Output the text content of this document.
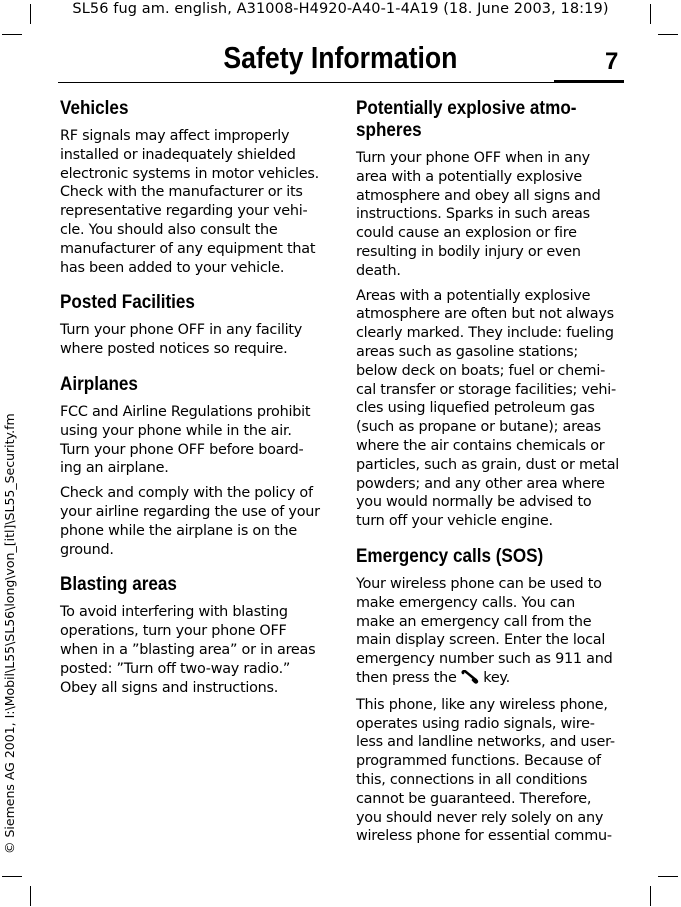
SL56 fug am. english, A31008-H4920-A40-1-4A19 (18. June 2003, 18:19)
Safety Information	7
© Siemens AG 2001, I:\Mobil\L55\SL56\long\von_[itl]\SL55_Security.fm
Vehicles

RF signals may affect improperly
installed or inadequately shielded
electronic systems in motor vehicles.
Check with the manufacturer or its
representative regarding your vehi-
cle. You should also consult the
manufacturer of any equipment that
has been added to your vehicle.

Posted Facilities

Turn your phone OFF in any facility
where posted notices so require.

Airplanes

FCC and Airline Regulations prohibit
using your phone while in the air.
Turn your phone OFF before board-
ing an airplane.

Check and comply with the policy of
your airline regarding the use of your
phone while the airplane is on the
ground.

Blasting areas

To avoid interfering with blasting
operations, turn your phone OFF
when in a ”blasting area” or in areas
posted: ”Turn off two-way radio.”
Obey all signs and instructions.

Potentially explosive atmo-
spheres

Turn your phone OFF when in any
area with a potentially explosive
atmosphere and obey all signs and
instructions. Sparks in such areas
could cause an explosion or fire
resulting in bodily injury or even
death.

Areas with a potentially explosive
atmosphere are often but not always
clearly marked. They include: fueling
areas such as gasoline stations;
below deck on boats; fuel or chemi-
cal transfer or storage facilities; vehi-
cles using liquefied petroleum gas
(such as propane or butane); areas
where the air contains chemicals or
particles, such as grain, dust or metal
powders; and any other area where
you would normally be advised to
turn off your vehicle engine.

Emergency calls (SOS)

Your wireless phone can be used to
make emergency calls. You can
make an emergency call from the
main display screen. Enter the local
emergency number such as 911 and
then press the key.

This phone, like any wireless phone,
operates using radio signals, wire-
less and landline networks, and user-
programmed functions. Because of
this, connections in all conditions
cannot be guaranteed. Therefore,
you should never rely solely on any
wireless phone for essential commu-
